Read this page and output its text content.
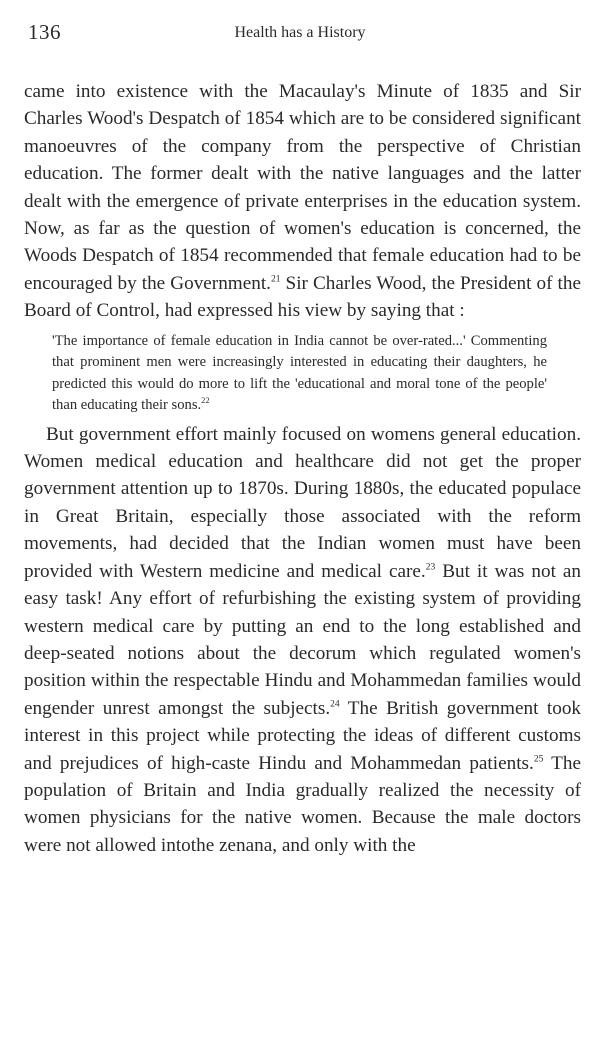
136	Health has a History

came into existence with the Macaulay's Minute of 1835 and Sir Charles Wood's Despatch of 1854 which are to be considered significant manoeuvres of the company from the perspective of Christian education. The former dealt with the native languages and the latter dealt with the emergence of private enterprises in the education system. Now, as far as the question of women's education is concerned, the Woods Despatch of 1854 recommended that female education had to be encouraged by the Government.$^{21}$ Sir Charles Wood, the President of the Board of Control, had expressed his view by saying that :

'The importance of female education in India cannot be over-rated...' Commenting that prominent men were increasingly interested in educating their daughters, he predicted this would do more to lift the 'educational and moral tone of the people' than educating their sons.$^{22}$

But government effort mainly focused on womens general education. Women medical education and healthcare did not get the proper government attention up to 1870s. During 1880s, the educated populace in Great Britain, especially those associated with the reform movements, had decided that the Indian women must have been provided with Western medicine and medical care.$^{23}$ But it was not an easy task! Any effort of refurbishing the existing system of providing western medical care by putting an end to the long established and deep-seated notions about the decorum which regulated women's position within the respectable Hindu and Mohammedan families would engender unrest amongst the subjects.$^{24}$ The British government took interest in this project while protecting the ideas of different customs and prejudices of high-caste Hindu and Mohammedan patients.$^{25}$ The population of Britain and India gradually realized the necessity of women physicians for the native women. Because the male doctors were not allowed intothe zenana, and only with the
